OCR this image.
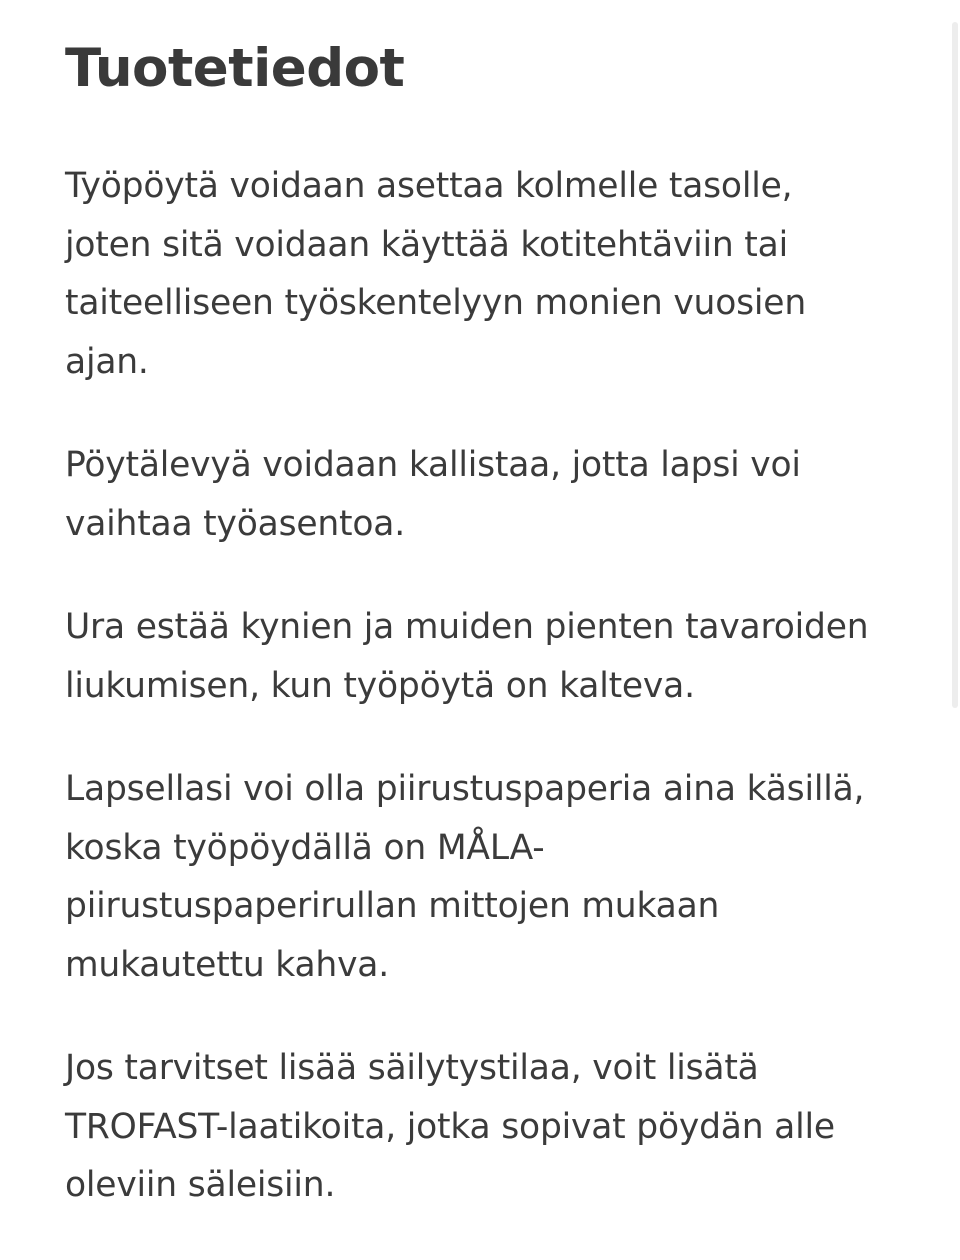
Tuotetiedot

Työpöytä voidaan asettaa kolmelle tasolle,
joten sitä voidaan käyttää kotitehtäviin tai
taiteelliseen työskentelyyn monien vuosien
ajan.

Pöytälevyä voidaan kallistaa, jotta lapsi voi
vaihtaa työasentoa.

Ura estää kynien ja muiden pienten tavaroiden
liukumisen, kun työpöytä on kalteva.

Lapsellasi voi olla piirustuspaperia aina käsillä,
koska työpöydällä on MÅLA-
piirustuspaperirullan mittojen mukaan
mukautettu kahva.

Jos tarvitset lisää säilytystilaa, voit lisätä
TROFAST-laatikoita, jotka sopivat pöydän alle
oleviin säleisiin.
